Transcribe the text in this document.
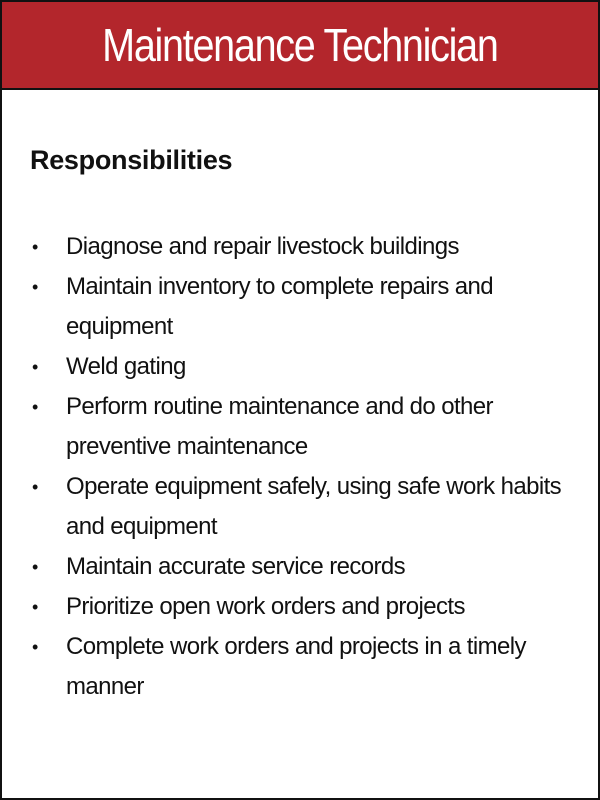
Maintenance Technician
Responsibilities
• Diagnose and repair livestock buildings
• Maintain inventory to complete repairs and equipment
• Weld gating
• Perform routine maintenance and do other preventive maintenance
• Operate equipment safely, using safe work habits and equipment
• Maintain accurate service records
• Prioritize open work orders and projects
• Complete work orders and projects in a timely manner
